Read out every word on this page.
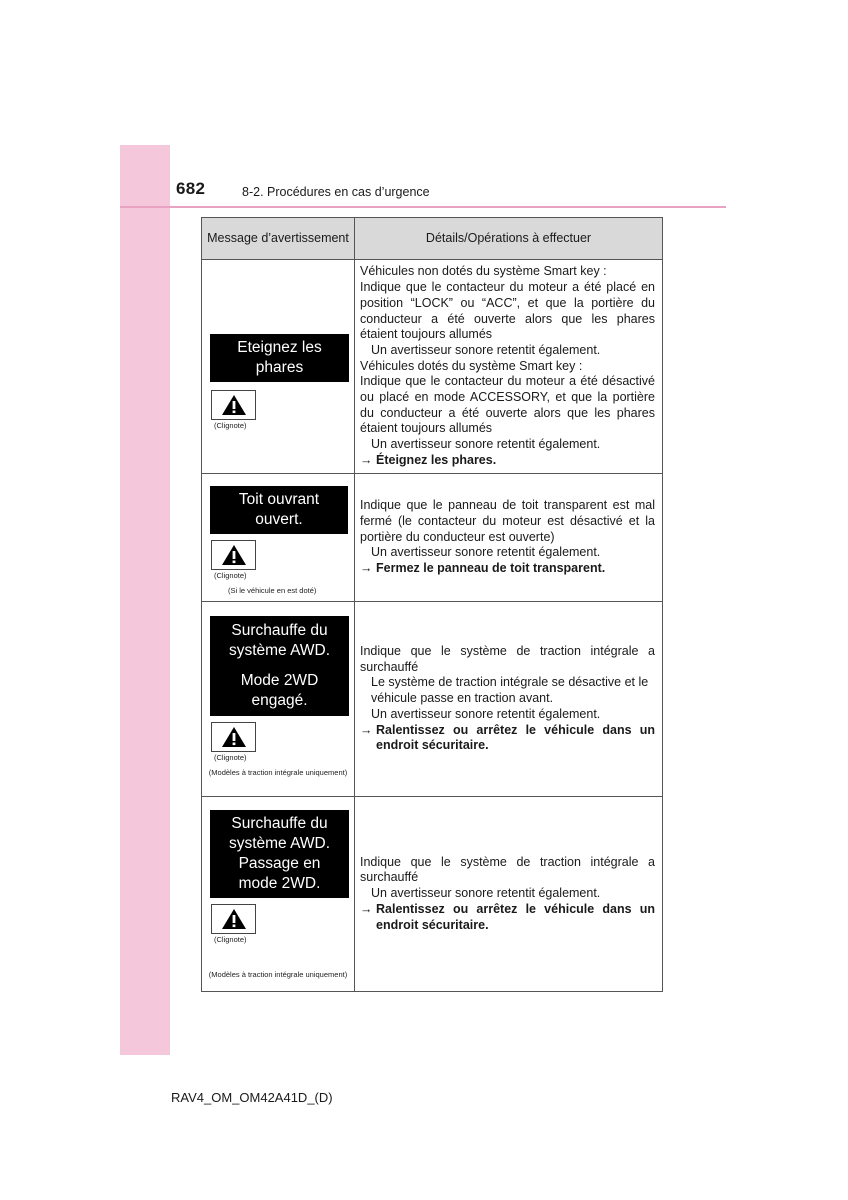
682	8-2. Procédures en cas d’urgence
Message d’avertissement	Détails/Opérations à effectuer
Eteignez les phares
(Clignote)

Véhicules non dotés du système Smart key :

Indique que le contacteur du moteur a été placé en position “LOCK” ou “ACC”, et que la portière du conducteur a été ouverte alors que les phares étaient toujours allumés

Un avertisseur sonore retentit également.

Véhicules dotés du système Smart key :

Indique que le contacteur du moteur a été désactivé ou placé en mode ACCESSORY, et que la portière du conducteur a été ouverte alors que les phares étaient toujours allumés

Un avertisseur sonore retentit également.

→ Éteignez les phares.

Toit ouvrant ouvert.
(Clignote)
(Si le véhicule en est doté)

Indique que le panneau de toit transparent est mal fermé (le contacteur du moteur est désactivé et la portière du conducteur est ouverte)

Un avertisseur sonore retentit également.

→ Fermez le panneau de toit transparent.

Surchauffe du système AWD.
Mode 2WD engagé.
(Clignote)
(Modèles à traction intégrale uniquement)

Indique que le système de traction intégrale a surchauffé

Le système de traction intégrale se désactive et le véhicule passe en traction avant.

Un avertisseur sonore retentit également.

→ Ralentissez ou arrêtez le véhicule dans un endroit sécuritaire.

Surchauffe du système AWD. Passage en mode 2WD.
(Clignote)
(Modèles à traction intégrale uniquement)

Indique que le système de traction intégrale a surchauffé

Un avertisseur sonore retentit également.

→ Ralentissez ou arrêtez le véhicule dans un endroit sécuritaire.

RAV4_OM_OM42A41D_(D)
